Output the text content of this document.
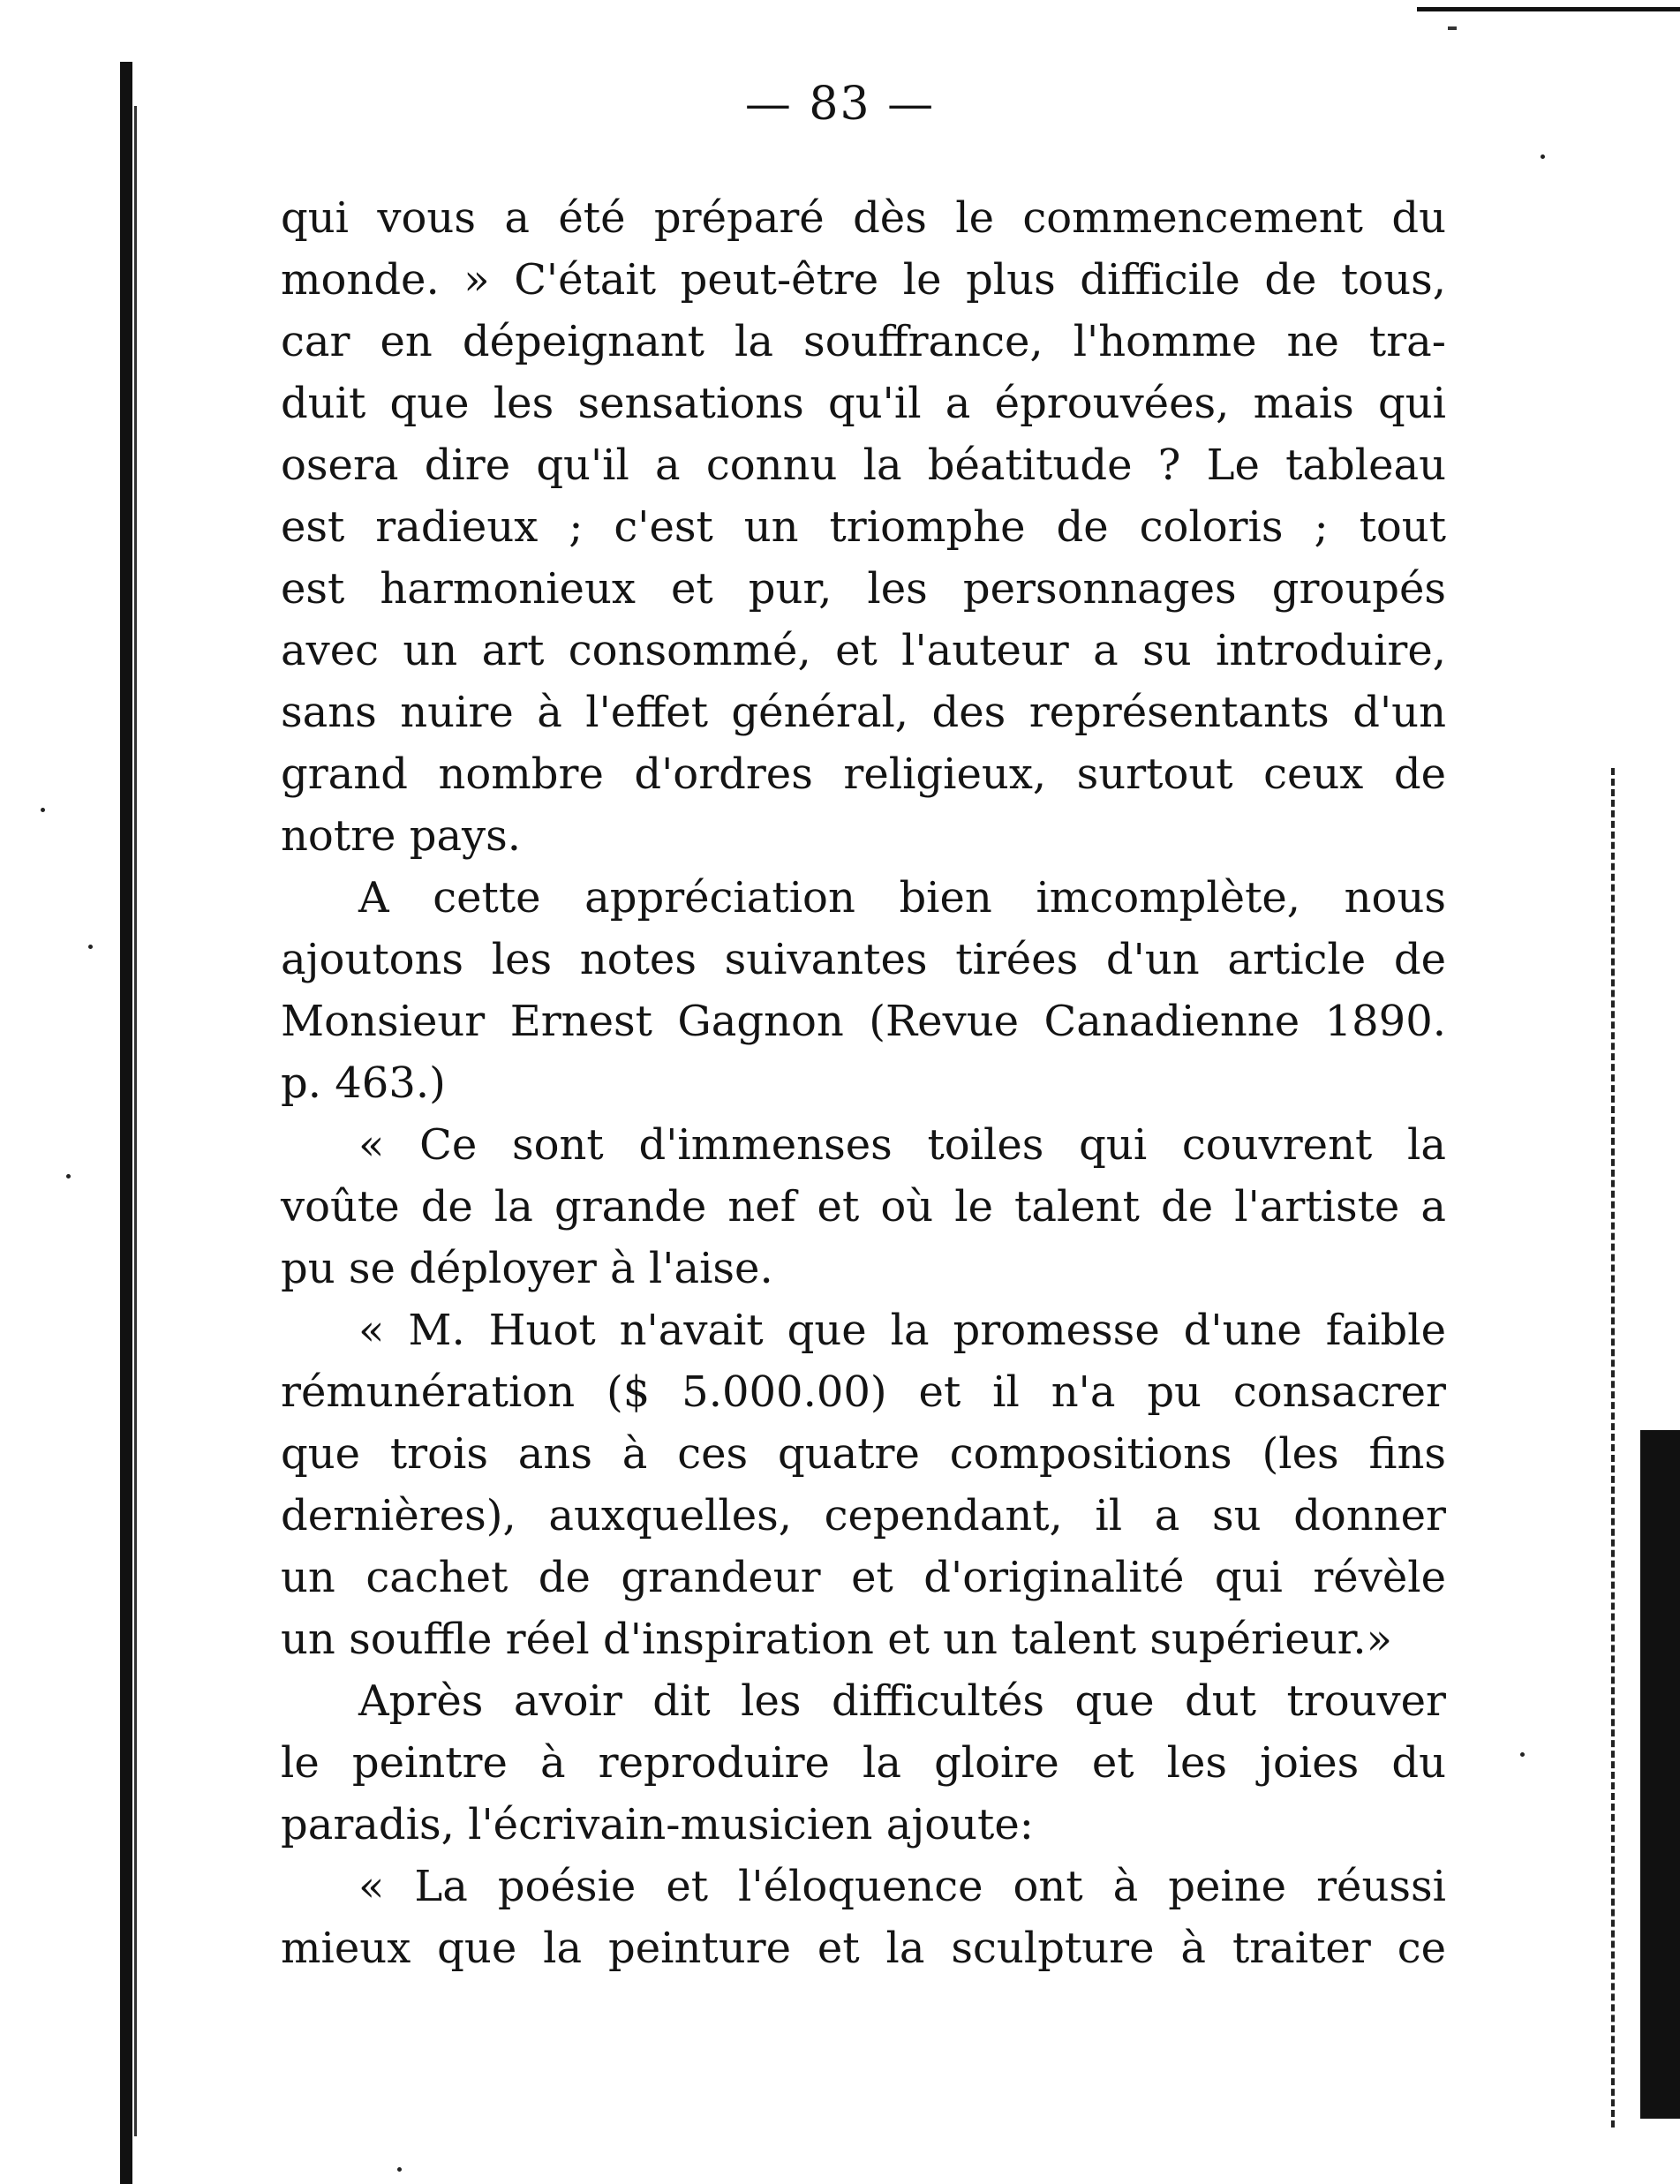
— 83 —
qui vous a été préparé dès le commencement du
monde. » C'était peut-être le plus difficile de tous,
car en dépeignant la souffrance, l'homme ne tra-
duit que les sensations qu'il a éprouvées, mais qui
osera dire qu'il a connu la béatitude ? Le tableau
est radieux ; c'est un triomphe de coloris ; tout
est harmonieux et pur, les personnages groupés
avec un art consommé, et l'auteur a su introduire,
sans nuire à l'effet général, des représentants d'un
grand nombre d'ordres religieux, surtout ceux de
notre pays.
A cette appréciation bien imcomplète, nous
ajoutons les notes suivantes tirées d'un article de
Monsieur Ernest Gagnon (Revue Canadienne 1890.
p. 463.)
« Ce sont d'immenses toiles qui couvrent la
voûte de la grande nef et où le talent de l'artiste a
pu se déployer à l'aise.
« M. Huot n'avait que la promesse d'une faible
rémunération ($ 5.000.00) et il n'a pu consacrer
que trois ans à ces quatre compositions (les fins
dernières), auxquelles, cependant, il a su donner
un cachet de grandeur et d'originalité qui révèle
un souffle réel d'inspiration et un talent supérieur.»
Après avoir dit les difficultés que dut trouver
le peintre à reproduire la gloire et les joies du
paradis, l'écrivain-musicien ajoute:
« La poésie et l'éloquence ont à peine réussi
mieux que la peinture et la sculpture à traiter ce
